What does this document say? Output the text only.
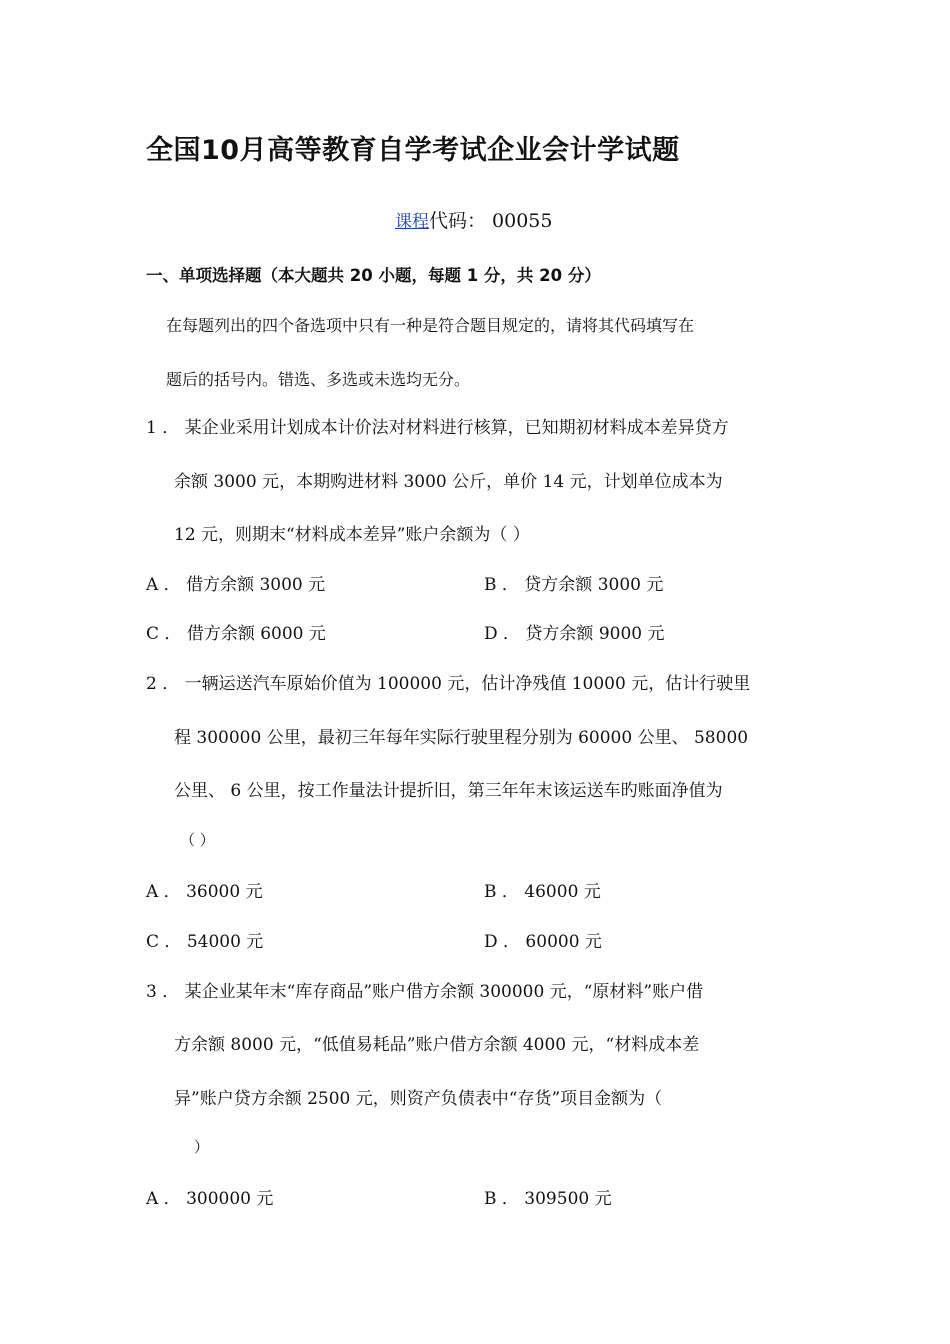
全国10月高等教育自学考试企业会计学试题
课程代码： 00055
一、单项选择题（本大题共 20 小题，每题 1 分，共 20 分）
在每题列出的四个备选项中只有一种是符合题目规定的，请将其代码填写在
题后的括号内。错选、多选或未选均无分。
1 ． 某企业采用计划成本计价法对材料进行核算，已知期初材料成本差异贷方
余额 3000 元，本期购进材料 3000 公斤，单价 14 元，计划单位成本为
12 元，则期末“材料成本差异”账户余额为（ ）
A ． 借方余额 3000 元	B ． 贷方余额 3000 元
C ． 借方余额 6000 元	D ． 贷方余额 9000 元
2 ． 一辆运送汽车原始价值为 100000 元，估计净残值 10000 元，估计行驶里
程 300000 公里，最初三年每年实际行驶里程分别为 60000 公里、 58000
公里、 6 公里，按工作量法计提折旧，第三年年末该运送车旳账面净值为
（ ）
A ． 36000 元	B ． 46000 元
C ． 54000 元	D ． 60000 元
3 ． 某企业某年末“库存商品”账户借方余额 300000 元，“原材料”账户借
方余额 8000 元，“低值易耗品”账户借方余额 4000 元，“材料成本差
异”账户贷方余额 2500 元，则资产负债表中“存货”项目金额为（
）
A ． 300000 元	B ． 309500 元
